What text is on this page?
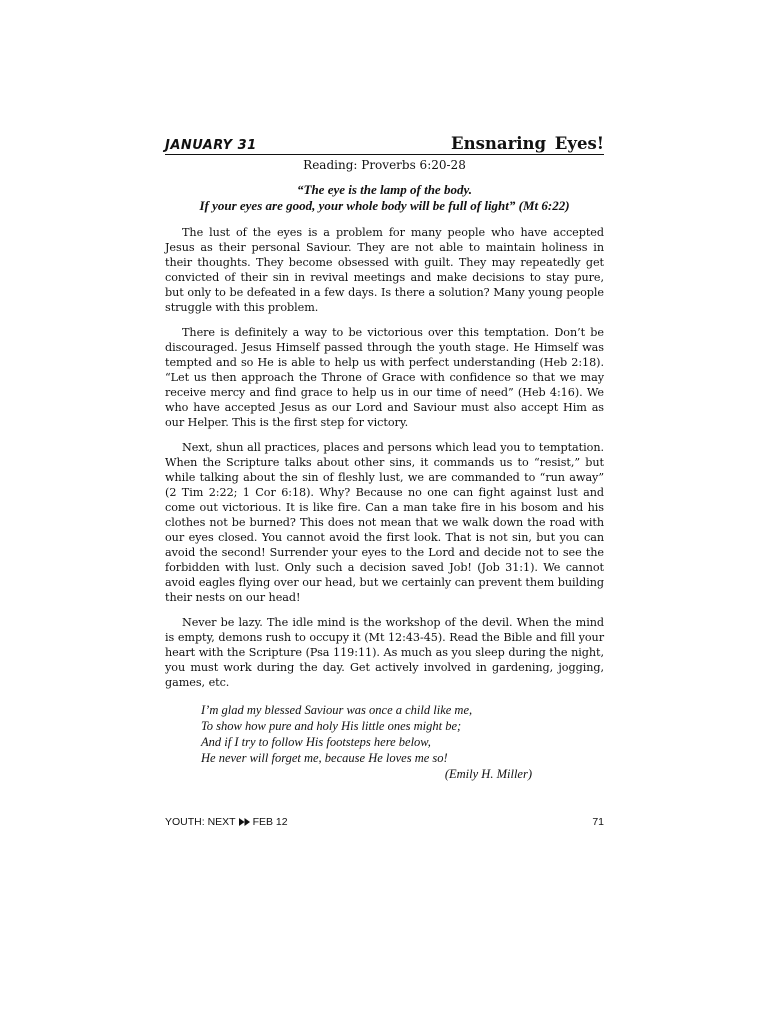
JANUARY 31	Ensnaring Eyes!
Reading: Proverbs 6:20-28
“The eye is the lamp of the body.
If your eyes are good, your whole body will be full of light” (Mt 6:22)

The lust of the eyes is a problem for many people who have accepted Jesus as their personal Saviour. They are not able to maintain holiness in their thoughts. They become obsessed with guilt. They may repeatedly get convicted of their sin in revival meetings and make decisions to stay pure, but only to be defeated in a few days. Is there a solution? Many young people struggle with this problem.

There is definitely a way to be victorious over this temptation. Don’t be discouraged. Jesus Himself passed through the youth stage. He Himself was tempted and so He is able to help us with perfect understanding (Heb 2:18). “Let us then approach the Throne of Grace with confidence so that we may receive mercy and find grace to help us in our time of need” (Heb 4:16). We who have accepted Jesus as our Lord and Saviour must also accept Him as our Helper. This is the first step for victory.

Next, shun all practices, places and persons which lead you to temptation. When the Scripture talks about other sins, it commands us to “resist,” but while talking about the sin of fleshly lust, we are commanded to “run away” (2 Tim 2:22; 1 Cor 6:18). Why? Because no one can fight against lust and come out victorious. It is like fire. Can a man take fire in his bosom and his clothes not be burned? This does not mean that we walk down the road with our eyes closed. You cannot avoid the first look. That is not sin, but you can avoid the second! Surrender your eyes to the Lord and decide not to see the forbidden with lust. Only such a decision saved Job! (Job 31:1). We cannot avoid eagles flying over our head, but we certainly can prevent them building their nests on our head!

Never be lazy. The idle mind is the workshop of the devil. When the mind is empty, demons rush to occupy it (Mt 12:43-45). Read the Bible and fill your heart with the Scripture (Psa 119:11). As much as you sleep during the night, you must work during the day. Get actively involved in gardening, jogging, games, etc.

I’m glad my blessed Saviour was once a child like me,
To show how pure and holy His little ones might be;
And if I try to follow His footsteps here below,
He never will forget me, because He loves me so!
(Emily H. Miller)
YOUTH: NEXT FEB 12	71
